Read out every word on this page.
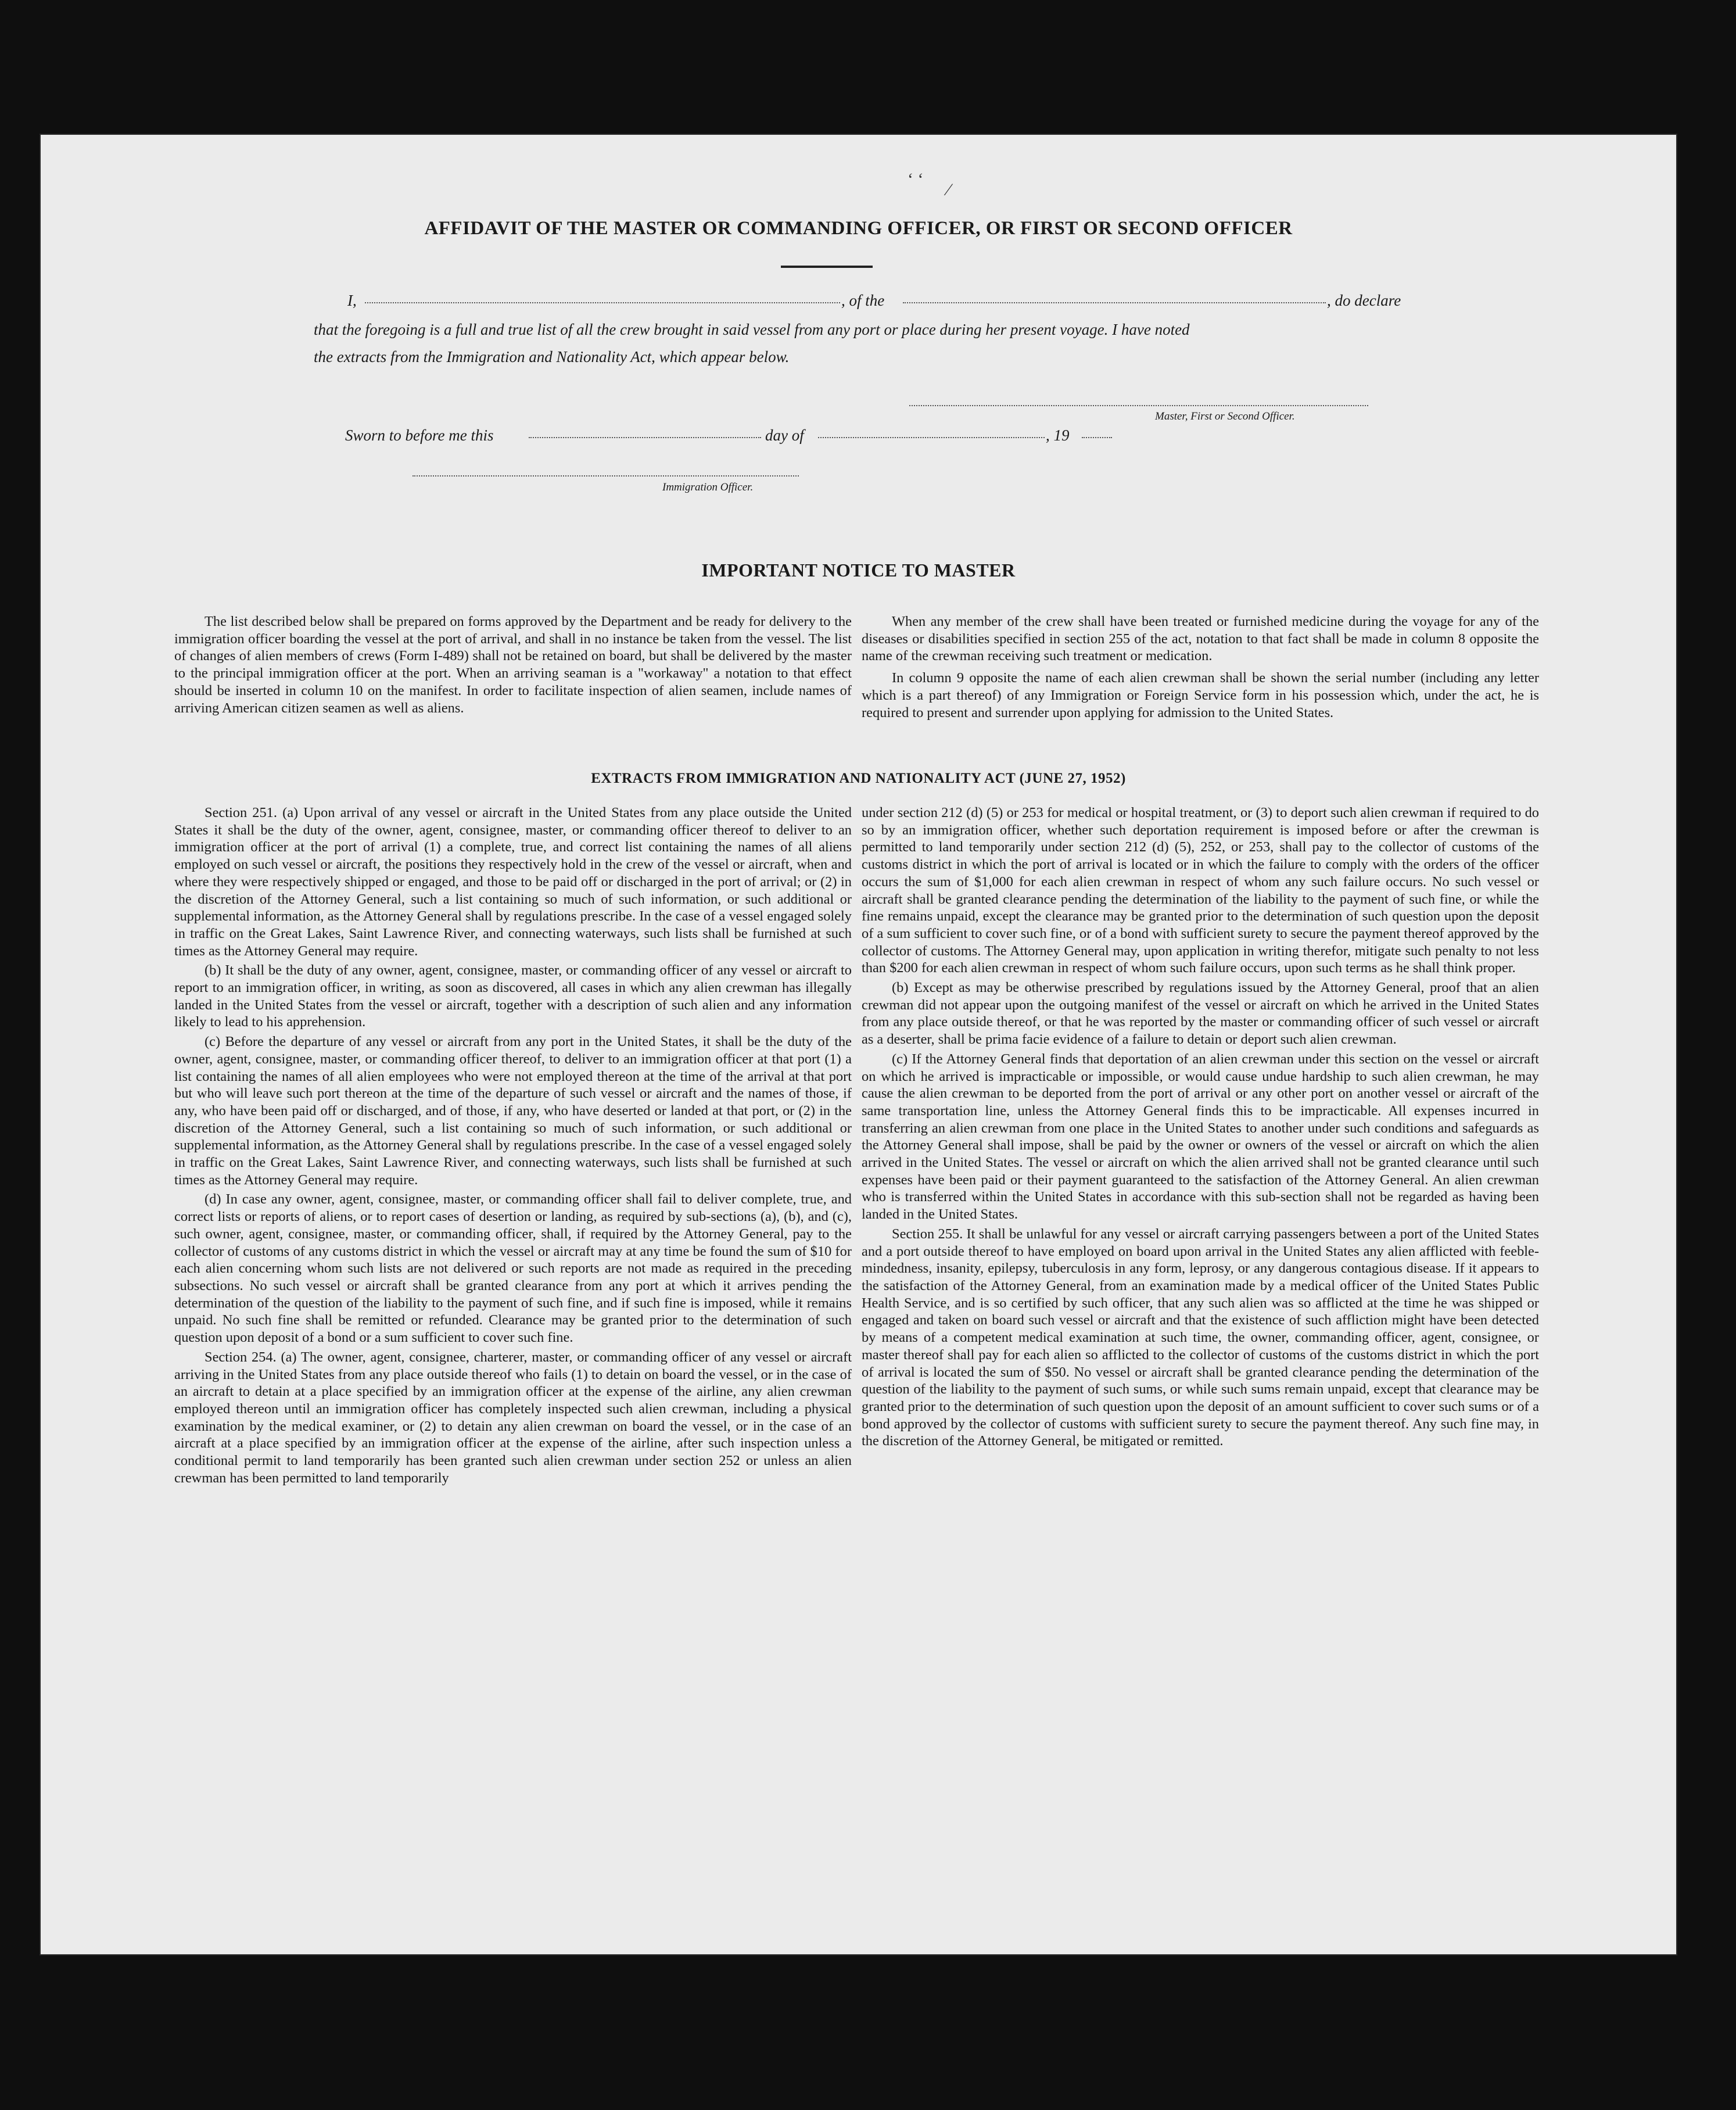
‘ ‘
⁄
AFFIDAVIT OF THE MASTER OR COMMANDING OFFICER, OR FIRST OR SECOND OFFICER
I,	, of the	, do declare
that the foregoing is a full and true list of all the crew brought in said vessel from any port or place during her present voyage. I have noted
the extracts from the Immigration and Nationality Act, which appear below.
Master, First or Second Officer.
Sworn to before me this	day of	, 19
Immigration Officer.
IMPORTANT NOTICE TO MASTER

The list described below shall be prepared on forms approved by the Department and be ready for delivery to the immigration officer boarding the vessel at the port of arrival, and shall in no instance be taken from the vessel. The list of changes of alien members of crews (Form I-489) shall not be retained on board, but shall be delivered by the master to the principal immigration officer at the port. When an arriving seaman is a "workaway" a notation to that effect should be inserted in column 10 on the manifest. In order to facilitate inspection of alien seamen, include names of arriving American citizen seamen as well as aliens.

When any member of the crew shall have been treated or furnished medicine during the voyage for any of the diseases or disabilities specified in section 255 of the act, notation to that fact shall be made in column 8 opposite the name of the crewman receiving such treatment or medication.

In column 9 opposite the name of each alien crewman shall be shown the serial number (including any letter which is a part thereof) of any Immigration or Foreign Service form in his possession which, under the act, he is required to present and surrender upon applying for admission to the United States.

EXTRACTS FROM IMMIGRATION AND NATIONALITY ACT (JUNE 27, 1952)

Section 251. (a) Upon arrival of any vessel or aircraft in the United States from any place outside the United States it shall be the duty of the owner, agent, consignee, master, or commanding officer thereof to deliver to an immigration officer at the port of arrival (1) a complete, true, and correct list containing the names of all aliens employed on such vessel or aircraft, the positions they respectively hold in the crew of the vessel or aircraft, when and where they were respectively shipped or engaged, and those to be paid off or discharged in the port of arrival; or (2) in the discretion of the Attorney General, such a list containing so much of such information, or such additional or supplemental information, as the Attorney General shall by regulations prescribe. In the case of a vessel engaged solely in traffic on the Great Lakes, Saint Lawrence River, and connecting waterways, such lists shall be furnished at such times as the Attorney General may require.

(b) It shall be the duty of any owner, agent, consignee, master, or commanding officer of any vessel or aircraft to report to an immigration officer, in writing, as soon as discovered, all cases in which any alien crewman has illegally landed in the United States from the vessel or aircraft, together with a description of such alien and any information likely to lead to his apprehension.

(c) Before the departure of any vessel or aircraft from any port in the United States, it shall be the duty of the owner, agent, consignee, master, or commanding officer thereof, to deliver to an immigration officer at that port (1) a list containing the names of all alien employees who were not employed thereon at the time of the arrival at that port but who will leave such port thereon at the time of the departure of such vessel or aircraft and the names of those, if any, who have been paid off or discharged, and of those, if any, who have deserted or landed at that port, or (2) in the discretion of the Attorney General, such a list containing so much of such information, or such additional or supplemental information, as the Attorney General shall by regulations prescribe. In the case of a vessel engaged solely in traffic on the Great Lakes, Saint Lawrence River, and connecting waterways, such lists shall be furnished at such times as the Attorney General may require.

(d) In case any owner, agent, consignee, master, or commanding officer shall fail to deliver complete, true, and correct lists or reports of aliens, or to report cases of desertion or landing, as required by sub-sections (a), (b), and (c), such owner, agent, consignee, master, or commanding officer, shall, if required by the Attorney General, pay to the collector of customs of any customs district in which the vessel or aircraft may at any time be found the sum of $10 for each alien concerning whom such lists are not delivered or such reports are not made as required in the preceding subsections. No such vessel or aircraft shall be granted clearance from any port at which it arrives pending the determination of the question of the liability to the payment of such fine, and if such fine is imposed, while it remains unpaid. No such fine shall be remitted or refunded. Clearance may be granted prior to the determination of such question upon deposit of a bond or a sum sufficient to cover such fine.

Section 254. (a) The owner, agent, consignee, charterer, master, or commanding officer of any vessel or aircraft arriving in the United States from any place outside thereof who fails (1) to detain on board the vessel, or in the case of an aircraft to detain at a place specified by an immigration officer at the expense of the airline, any alien crewman employed thereon until an immigration officer has completely inspected such alien crewman, including a physical examination by the medical examiner, or (2) to detain any alien crewman on board the vessel, or in the case of an aircraft at a place specified by an immigration officer at the expense of the airline, after such inspection unless a conditional permit to land temporarily has been granted such alien crewman under section 252 or unless an alien crewman has been permitted to land temporarily

under section 212 (d) (5) or 253 for medical or hospital treatment, or (3) to deport such alien crewman if required to do so by an immigration officer, whether such deportation requirement is imposed before or after the crewman is permitted to land temporarily under section 212 (d) (5), 252, or 253, shall pay to the collector of customs of the customs district in which the port of arrival is located or in which the failure to comply with the orders of the officer occurs the sum of $1,000 for each alien crewman in respect of whom any such failure occurs. No such vessel or aircraft shall be granted clearance pending the determination of the liability to the payment of such fine, or while the fine remains unpaid, except the clearance may be granted prior to the determination of such question upon the deposit of a sum sufficient to cover such fine, or of a bond with sufficient surety to secure the payment thereof approved by the collector of customs. The Attorney General may, upon application in writing therefor, mitigate such penalty to not less than $200 for each alien crewman in respect of whom such failure occurs, upon such terms as he shall think proper.

(b) Except as may be otherwise prescribed by regulations issued by the Attorney General, proof that an alien crewman did not appear upon the outgoing manifest of the vessel or aircraft on which he arrived in the United States from any place outside thereof, or that he was reported by the master or commanding officer of such vessel or aircraft as a deserter, shall be prima facie evidence of a failure to detain or deport such alien crewman.

(c) If the Attorney General finds that deportation of an alien crewman under this section on the vessel or aircraft on which he arrived is impracticable or impossible, or would cause undue hardship to such alien crewman, he may cause the alien crewman to be deported from the port of arrival or any other port on another vessel or aircraft of the same transportation line, unless the Attorney General finds this to be impracticable. All expenses incurred in transferring an alien crewman from one place in the United States to another under such conditions and safeguards as the Attorney General shall impose, shall be paid by the owner or owners of the vessel or aircraft on which the alien arrived in the United States. The vessel or aircraft on which the alien arrived shall not be granted clearance until such expenses have been paid or their payment guaranteed to the satisfaction of the Attorney General. An alien crewman who is transferred within the United States in accordance with this sub-section shall not be regarded as having been landed in the United States.

Section 255. It shall be unlawful for any vessel or aircraft carrying passengers between a port of the United States and a port outside thereof to have employed on board upon arrival in the United States any alien afflicted with feeble-mindedness, insanity, epilepsy, tuberculosis in any form, leprosy, or any dangerous contagious disease. If it appears to the satisfaction of the Attorney General, from an examination made by a medical officer of the United States Public Health Service, and is so certified by such officer, that any such alien was so afflicted at the time he was shipped or engaged and taken on board such vessel or aircraft and that the existence of such affliction might have been detected by means of a competent medical examination at such time, the owner, commanding officer, agent, consignee, or master thereof shall pay for each alien so afflicted to the collector of customs of the customs district in which the port of arrival is located the sum of $50. No vessel or aircraft shall be granted clearance pending the determination of the question of the liability to the payment of such sums, or while such sums remain unpaid, except that clearance may be granted prior to the determination of such question upon the deposit of an amount sufficient to cover such sums or of a bond approved by the collector of customs with sufficient surety to secure the payment thereof. Any such fine may, in the discretion of the Attorney General, be mitigated or remitted.
